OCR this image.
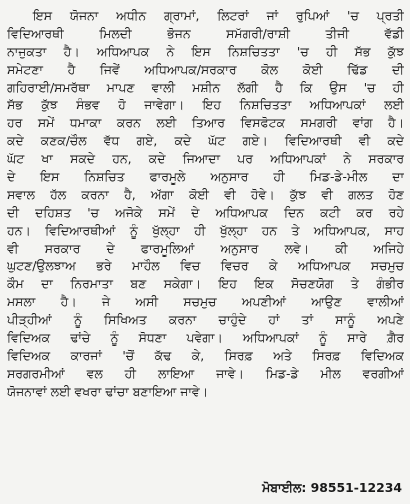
ਇਸ ਯੋਜਨਾ ਅਧੀਨ ਗ੍ਰਾਮਾਂ, ਲਿਟਰਾਂ ਜਾਂ ਰੁਪਿਆਂ 'ਚ ਪ੍ਰਤੀ
ਵਿਦਿਆਰਥੀ ਮਿਲਦੀ ਭੋਜਨ ਸਮੱਗਰੀ/ਰਾਸ਼ੀ ਤੀਜੀ ਵੱਡੀ
ਨਾਜੁਕਤਾ ਹੈ। ਅਧਿਆਪਕ ਨੇ ਇਸ ਨਿਸ਼ਚਿਤਤਾ 'ਚ ਹੀ ਸੱਭ ਕੁੱਝ
ਸਮੇਟਣਾ ਹੈ ਜਿਵੇਂ ਅਧਿਆਪਕ/ਸਰਕਾਰ ਕੋਲ ਕੋਈ ਢਿੱਡ ਦੀ
ਗਹਿਰਾਈ/ਸਮਰੱਥਾ ਮਾਪਣ ਵਾਲੀ ਮਸ਼ੀਨ ਲੱਗੀ ਹੈ ਕਿ ਉਸ 'ਚ ਹੀ
ਸੱਭ ਕੁੱਝ ਸੰਭਵ ਹੋ ਜਾਵੇਗਾ। ਇਹ ਨਿਸ਼ਚਿਤਤਾ ਅਧਿਆਪਕਾਂ ਲਈ
ਹਰ ਸਮੇਂ ਧਮਾਕਾ ਕਰਨ ਲਈ ਤਿਆਰ ਵਿਸਫੋਟਕ ਸਮਗਰੀ ਵਾਂਗ ਹੈ।
ਕਦੇ ਕਣਕ/ਚੌਲ ਵੱਧ ਗਏ, ਕਦੇ ਘੱਟ ਗਏ। ਵਿਦਿਆਰਥੀ ਵੀ ਕਦੇ
ਘੱਟ ਖਾ ਸਕਦੇ ਹਨ, ਕਦੇ ਜਿਆਦਾ ਪਰ ਅਧਿਆਪਕਾਂ ਨੇ ਸਰਕਾਰ
ਦੇ ਇਸ ਨਿਸ਼ਚਿਤ ਫਾਰਮੂਲੇ ਅਨੁਸਾਰ ਹੀ ਮਿਡ-ਡੇ-ਮੀਲ ਦਾ
ਸਵਾਲ ਹੱਲ ਕਰਨਾ ਹੈ, ਅੱਗਾ ਕੋਈ ਵੀ ਹੋਵੇ। ਕੁੱਝ ਵੀ ਗਲਤ ਹੋਣ
ਦੀ ਦਹਿਸ਼ਤ 'ਚ ਅਜੋਕੇ ਸਮੇਂ ਦੇ ਅਧਿਆਪਕ ਦਿਨ ਕਟੀ ਕਰ ਰਹੇ
ਹਨ। ਵਿਦਿਆਰਥੀਆਂ ਨੂੰ ਖੁੱਲ੍ਹਾ ਹੀ ਖੁੱਲ੍ਹਾ ਹਨ ਤੇ ਅਧਿਆਪਕ, ਸਾਹ
ਵੀ ਸਰਕਾਰ ਦੇ ਫਾਰਮੂਲਿਆਂ ਅਨੁਸਾਰ ਲਵੇ। ਕੀ ਅਜਿਹੇ
ਘੁਟਣ/ਉਲਝਾਅ ਭਰੇ ਮਾਹੌਲ ਵਿਚ ਵਿਚਰ ਕੇ ਅਧਿਆਪਕ ਸਚਮੁਚ
ਕੌਮ ਦਾ ਨਿਰਮਾਤਾ ਬਣ ਸਕੇਗਾ। ਇਹ ਇਕ ਸੋਚਣਯੋਗ ਤੇ ਗੰਭੀਰ
ਮਸਲਾ ਹੈ। ਜੇ ਅਸੀ ਸਚਮੁਚ ਅਪਣੀਆਂ ਆਉਣ ਵਾਲੀਆਂ
ਪੀੜ੍ਹੀਆਂ ਨੂੰ ਸਿਖਿਅਤ ਕਰਨਾ ਚਾਹੁੰਦੇ ਹਾਂ ਤਾਂ ਸਾਨੂੰ ਅਪਣੇ
ਵਿਦਿਅਕ ਢਾਂਚੇ ਨੂੰ ਸੋਧਣਾ ਪਵੇਗਾ। ਅਧਿਆਪਕਾਂ ਨੂੰ ਸਾਰੇ ਗ਼ੈਰ
ਵਿਦਿਅਕ ਕਾਰਜਾਂ 'ਚੋਂ ਕੱਢ ਕੇ, ਸਿਰਫ਼ ਅਤੇ ਸਿਰਫ਼ ਵਿਦਿਅਕ
ਸਰਗਰਮੀਆਂ ਵਲ ਹੀ ਲਾਇਆ ਜਾਵੇ। ਮਿਡ-ਡੇ ਮੀਲ ਵਰਗੀਆਂ
ਯੋਜਨਾਵਾਂ ਲਈ ਵਖਰਾ ਢਾਂਚਾ ਬਣਾਇਆ ਜਾਵੇ।
ਮੋਬਾਈਲ: 98551-12234
